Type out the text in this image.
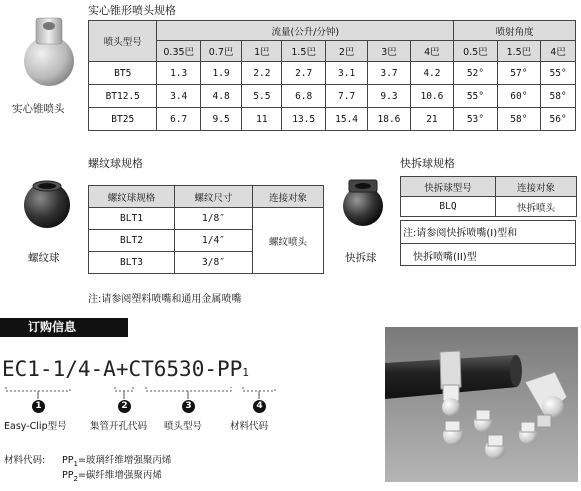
实心锥形喷头规格
实心锥喷头
喷头型号	流量(公升/分钟)							喷射角度		
	0.35巴	0.7巴	1巴	1.5巴	2巴	3巴	4巴	0.5巴	1.5巴	4巴
BT5	1.3	1.9	2.2	2.7	3.1	3.7	4.2	52°	57°	55°
BT12.5	3.4	4.8	5.5	6.8	7.7	9.3	10.6	55°	60°	58°
BT25	6.7	9.5	11	13.5	15.4	18.6	21	53°	58°	56°
螺纹球规格
螺纹球
螺纹球规格	螺纹尺寸	连接对象
BLT1	1/8″	螺纹喷头
BLT2	1/4″	
BLT3	3/8″	
注:请参阅塑料喷嘴和通用金属喷嘴
快拆球规格
快拆球
快拆球型号	连接对象
BLQ	快拆喷头
注:请参阅快拆喷嘴(I)型和
快拆喷嘴(II)型
订购信息
EC1-1/4-A+CT6530-PP1
1	2	3	4
Easy-Clip型号 集管开孔代码 喷头型号	材料代码
材料代码: $PP_1=$玻璃纤维增强聚丙烯
$PP_2=$碳纤维增强聚丙烯
